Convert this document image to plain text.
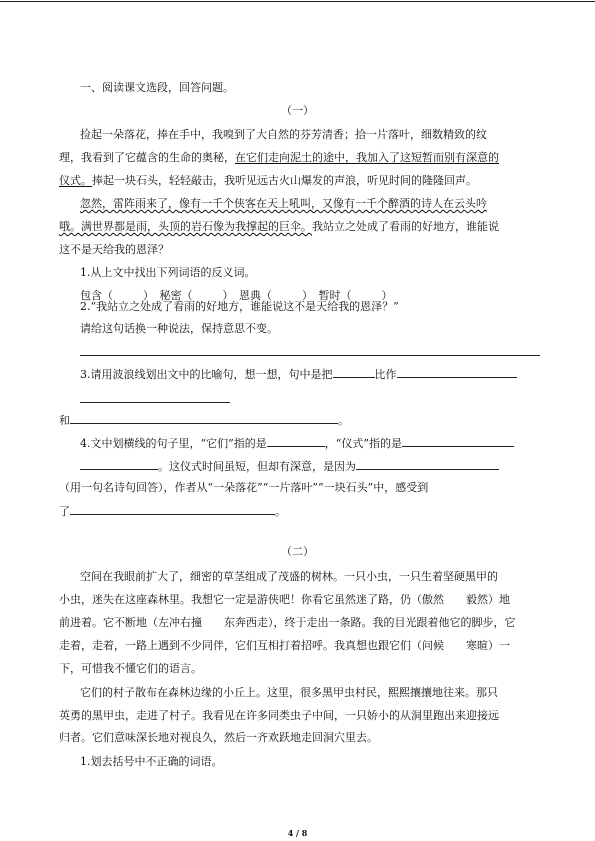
一、阅读课文选段，回答问题。
（一）
捡起一朵落花，捧在手中，我嗅到了大自然的芬芳清香；拾一片落叶，细数精致的纹
理，我看到了它蕴含的生命的奥秘，在它们走向泥土的途中，我加入了这短暂而别有深意的
仪式。捧起一块石头，轻轻敲击，我听见远古火山爆发的声浪，听见时间的隆隆回声。
忽然，雷阵雨来了，像有一千个侠客在天上吼叫，又像有一千个醉酒的诗人在云头吟
哦。满世界都是雨，头顶的岩石像为我撑起的巨伞。我站立之处成了看雨的好地方，谁能说
这不是天给我的恩泽？
1.从上文中找出下列词语的反义词。
包含（	）　秘密（	）　恩典（	）　暂时（	）
2.“我站立之处成了看雨的好地方，谁能说这不是天给我的恩泽？”
请给这句话换一种说法，保持意思不变。
3.请用波浪线划出文中的比喻句，想一想，句中是把	比作
和	。
4.文中划横线的句子里，“它们”指的是	，“仪式”指的是
。这仪式时间虽短，但却有深意，是因为
（用一句名诗句回答），作者从“一朵落花”“一片落叶”“一块石头”中，感受到
了	。
（二）
空间在我眼前扩大了，细密的草茎组成了茂盛的树林。一只小虫，一只生着坚硬黑甲的
小虫，迷失在这座森林里。我想它一定是游侠吧！你看它虽然迷了路，仍（傲然　　毅然）地
前进着。它不断地（左冲右撞　　东奔西走），终于走出一条路。我的目光跟着他它的脚步，它
走着，走着，一路上遇到不少同伴，它们互相打着招呼。我真想也跟它们（问候　　寒暄）一
下，可惜我不懂它们的语言。
它们的村子散布在森林边缘的小丘上。这里，很多黑甲虫村民，熙熙攘攘地往来。那只
英勇的黑甲虫，走进了村子。我看见在许多同类虫子中间，一只娇小的从洞里跑出来迎接远
归者。它们意味深长地对视良久，然后一齐欢跃地走回洞穴里去。
1.划去括号中不正确的词语。
4 / 8
